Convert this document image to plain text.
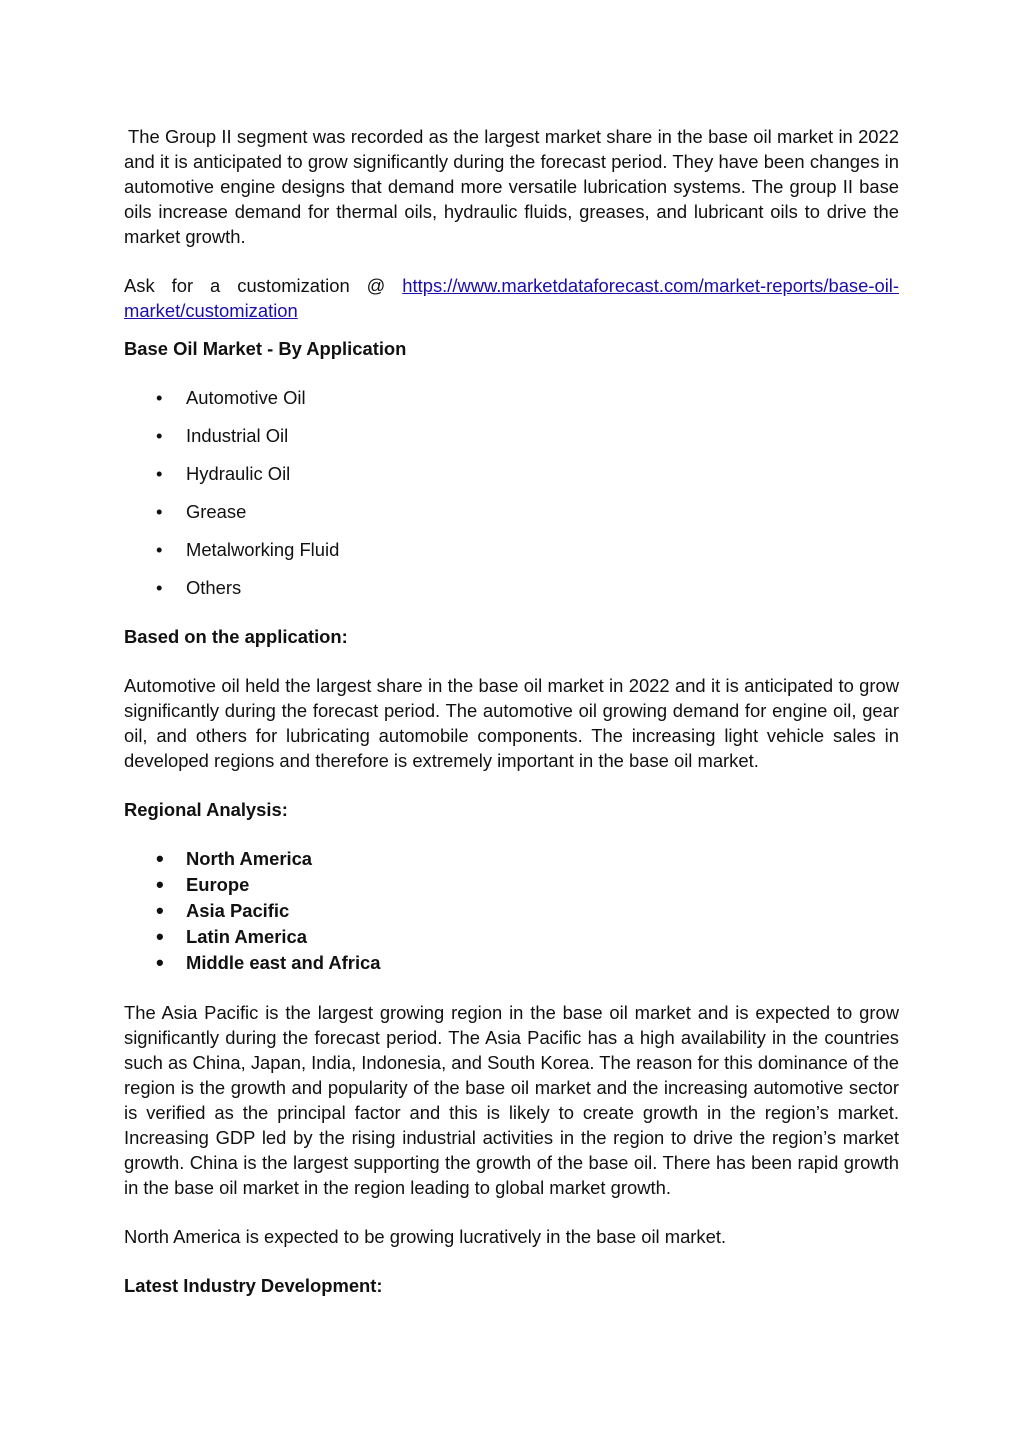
The Group II segment was recorded as the largest market share in the base oil market in 2022 and it is anticipated to grow significantly during the forecast period. They have been changes in automotive engine designs that demand more versatile lubrication systems. The group II base oils increase demand for thermal oils, hydraulic fluids, greases, and lubricant oils to drive the market growth.

Ask for a customization @ https://www.marketdataforecast.com/market-reports/base-oil-market/customization

Base Oil Market - By Application
•	Automotive Oil
•	Industrial Oil
•	Hydraulic Oil
•	Grease
•	Metalworking Fluid
•	Others
Based on the application:

Automotive oil held the largest share in the base oil market in 2022 and it is anticipated to grow significantly during the forecast period. The automotive oil growing demand for engine oil, gear oil, and others for lubricating automobile components. The increasing light vehicle sales in developed regions and therefore is extremely important in the base oil market.

Regional Analysis:
• North America
• Europe
• Asia Pacific
• Latin America
• Middle east and Africa

The Asia Pacific is the largest growing region in the base oil market and is expected to grow significantly during the forecast period. The Asia Pacific has a high availability in the countries such as China, Japan, India, Indonesia, and South Korea. The reason for this dominance of the region is the growth and popularity of the base oil market and the increasing automotive sector is verified as the principal factor and this is likely to create growth in the region’s market. Increasing GDP led by the rising industrial activities in the region to drive the region’s market growth. China is the largest supporting the growth of the base oil. There has been rapid growth in the base oil market in the region leading to global market growth.

North America is expected to be growing lucratively in the base oil market.

Latest Industry Development:
